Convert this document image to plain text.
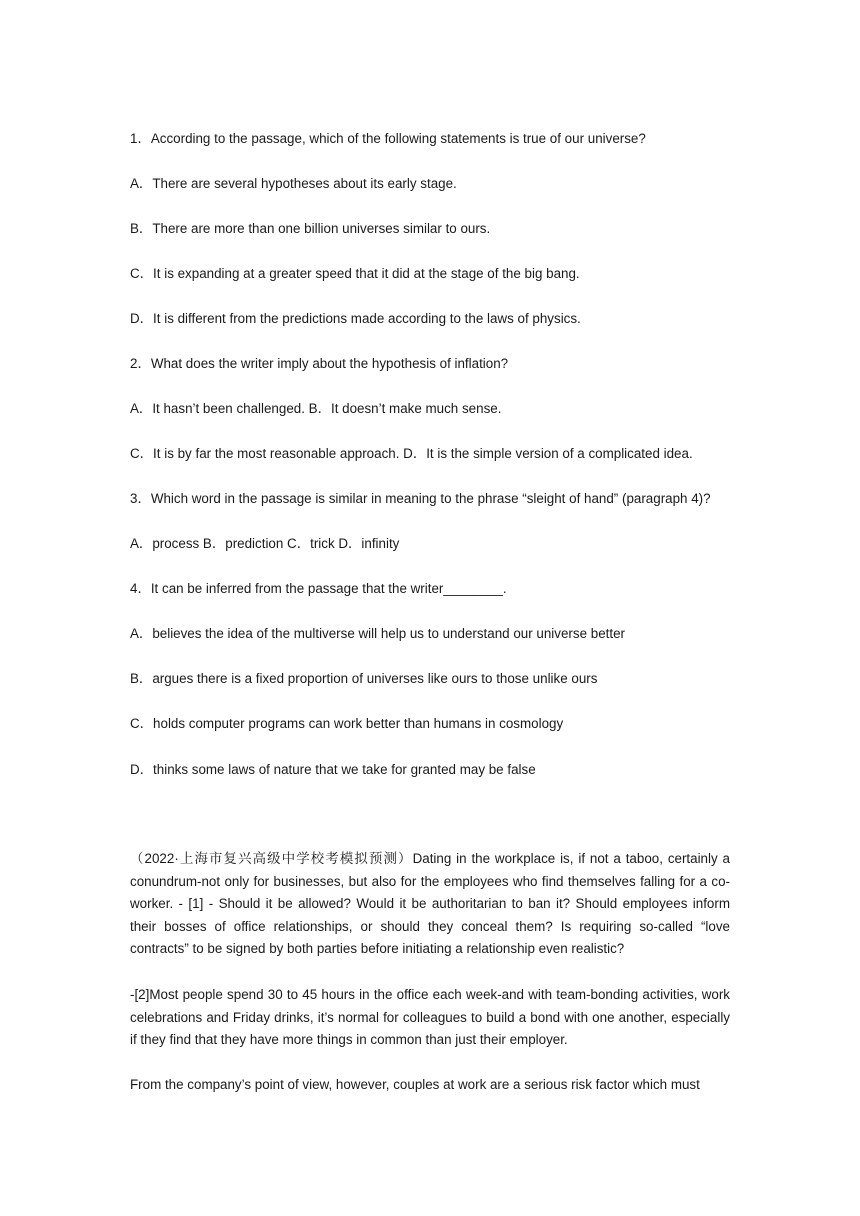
1．According to the passage, which of the following statements is true of our universe?
A．There are several hypotheses about its early stage.
B．There are more than one billion universes similar to ours.
C．It is expanding at a greater speed that it did at the stage of the big bang.
D．It is different from the predictions made according to the laws of physics.
2．What does the writer imply about the hypothesis of inflation?
A．It hasn’t been challenged. B．It doesn’t make much sense.
C．It is by far the most reasonable approach. D．It is the simple version of a complicated idea.
3．Which word in the passage is similar in meaning to the phrase “sleight of hand” (paragraph 4)?
A．process B．prediction C．trick D．infinity
4．It can be inferred from the passage that the writer________.
A．believes the idea of the multiverse will help us to understand our universe better
B．argues there is a fixed proportion of universes like ours to those unlike ours
C．holds computer programs can work better than humans in cosmology
D．thinks some laws of nature that we take for granted may be false
（2022·上海市复兴高级中学校考模拟预测）Dating in the workplace is, if not a taboo, certainly a conundrum-not only for businesses, but also for the employees who find themselves falling for a co-worker. - [1] - Should it be allowed? Would it be authoritarian to ban it? Should employees inform their bosses of office relationships, or should they conceal them? Is requiring so-called “love contracts” to be signed by both parties before initiating a relationship even realistic?
-[2]Most people spend 30 to 45 hours in the office each week-and with team-bonding activities, work celebrations and Friday drinks, it’s normal for colleagues to build a bond with one another, especially if they find that they have more things in common than just their employer.
From the company’s point of view, however, couples at work are a serious risk factor which must
